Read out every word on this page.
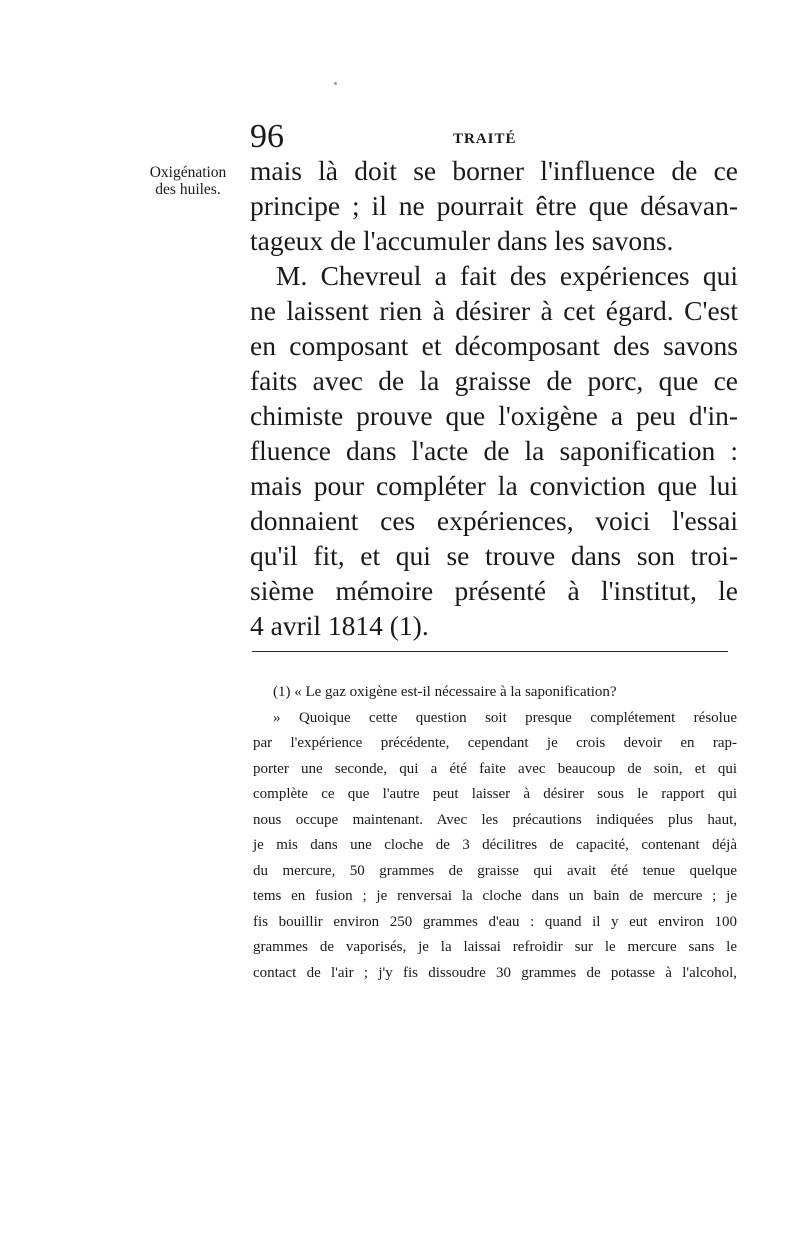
96	TRAITÉ

Oxigénation
des huiles.
mais là doit se borner l'influence de ce
principe ; il ne pourrait être que désavan-
tageux de l'accumuler dans les savons.
M. Chevreul a fait des expériences qui
ne laissent rien à désirer à cet égard. C'est
en composant et décomposant des savons
faits avec de la graisse de porc, que ce
chimiste prouve que l'oxigène a peu d'in-
fluence dans l'acte de la saponification :
mais pour compléter la conviction que lui
donnaient ces expériences, voici l'essai
qu'il fit, et qui se trouve dans son troi-
sième mémoire présenté à l'institut, le
4 avril 1814 (1).
(1) « Le gaz oxigène est-il nécessaire à la saponification?
» Quoique cette question soit presque complétement résolue
par l'expérience précédente, cependant je crois devoir en rap-
porter une seconde, qui a été faite avec beaucoup de soin, et qui
complète ce que l'autre peut laisser à désirer sous le rapport qui
nous occupe maintenant. Avec les précautions indiquées plus haut,
je mis dans une cloche de 3 décilitres de capacité, contenant déjà
du mercure, 50 grammes de graisse qui avait été tenue quelque
tems en fusion ; je renversai la cloche dans un bain de mercure ; je
fis bouillir environ 250 grammes d'eau : quand il y eut environ 100
grammes de vaporisés, je la laissai refroidir sur le mercure sans le
contact de l'air ; j'y fis dissoudre 30 grammes de potasse à l'alcohol,
